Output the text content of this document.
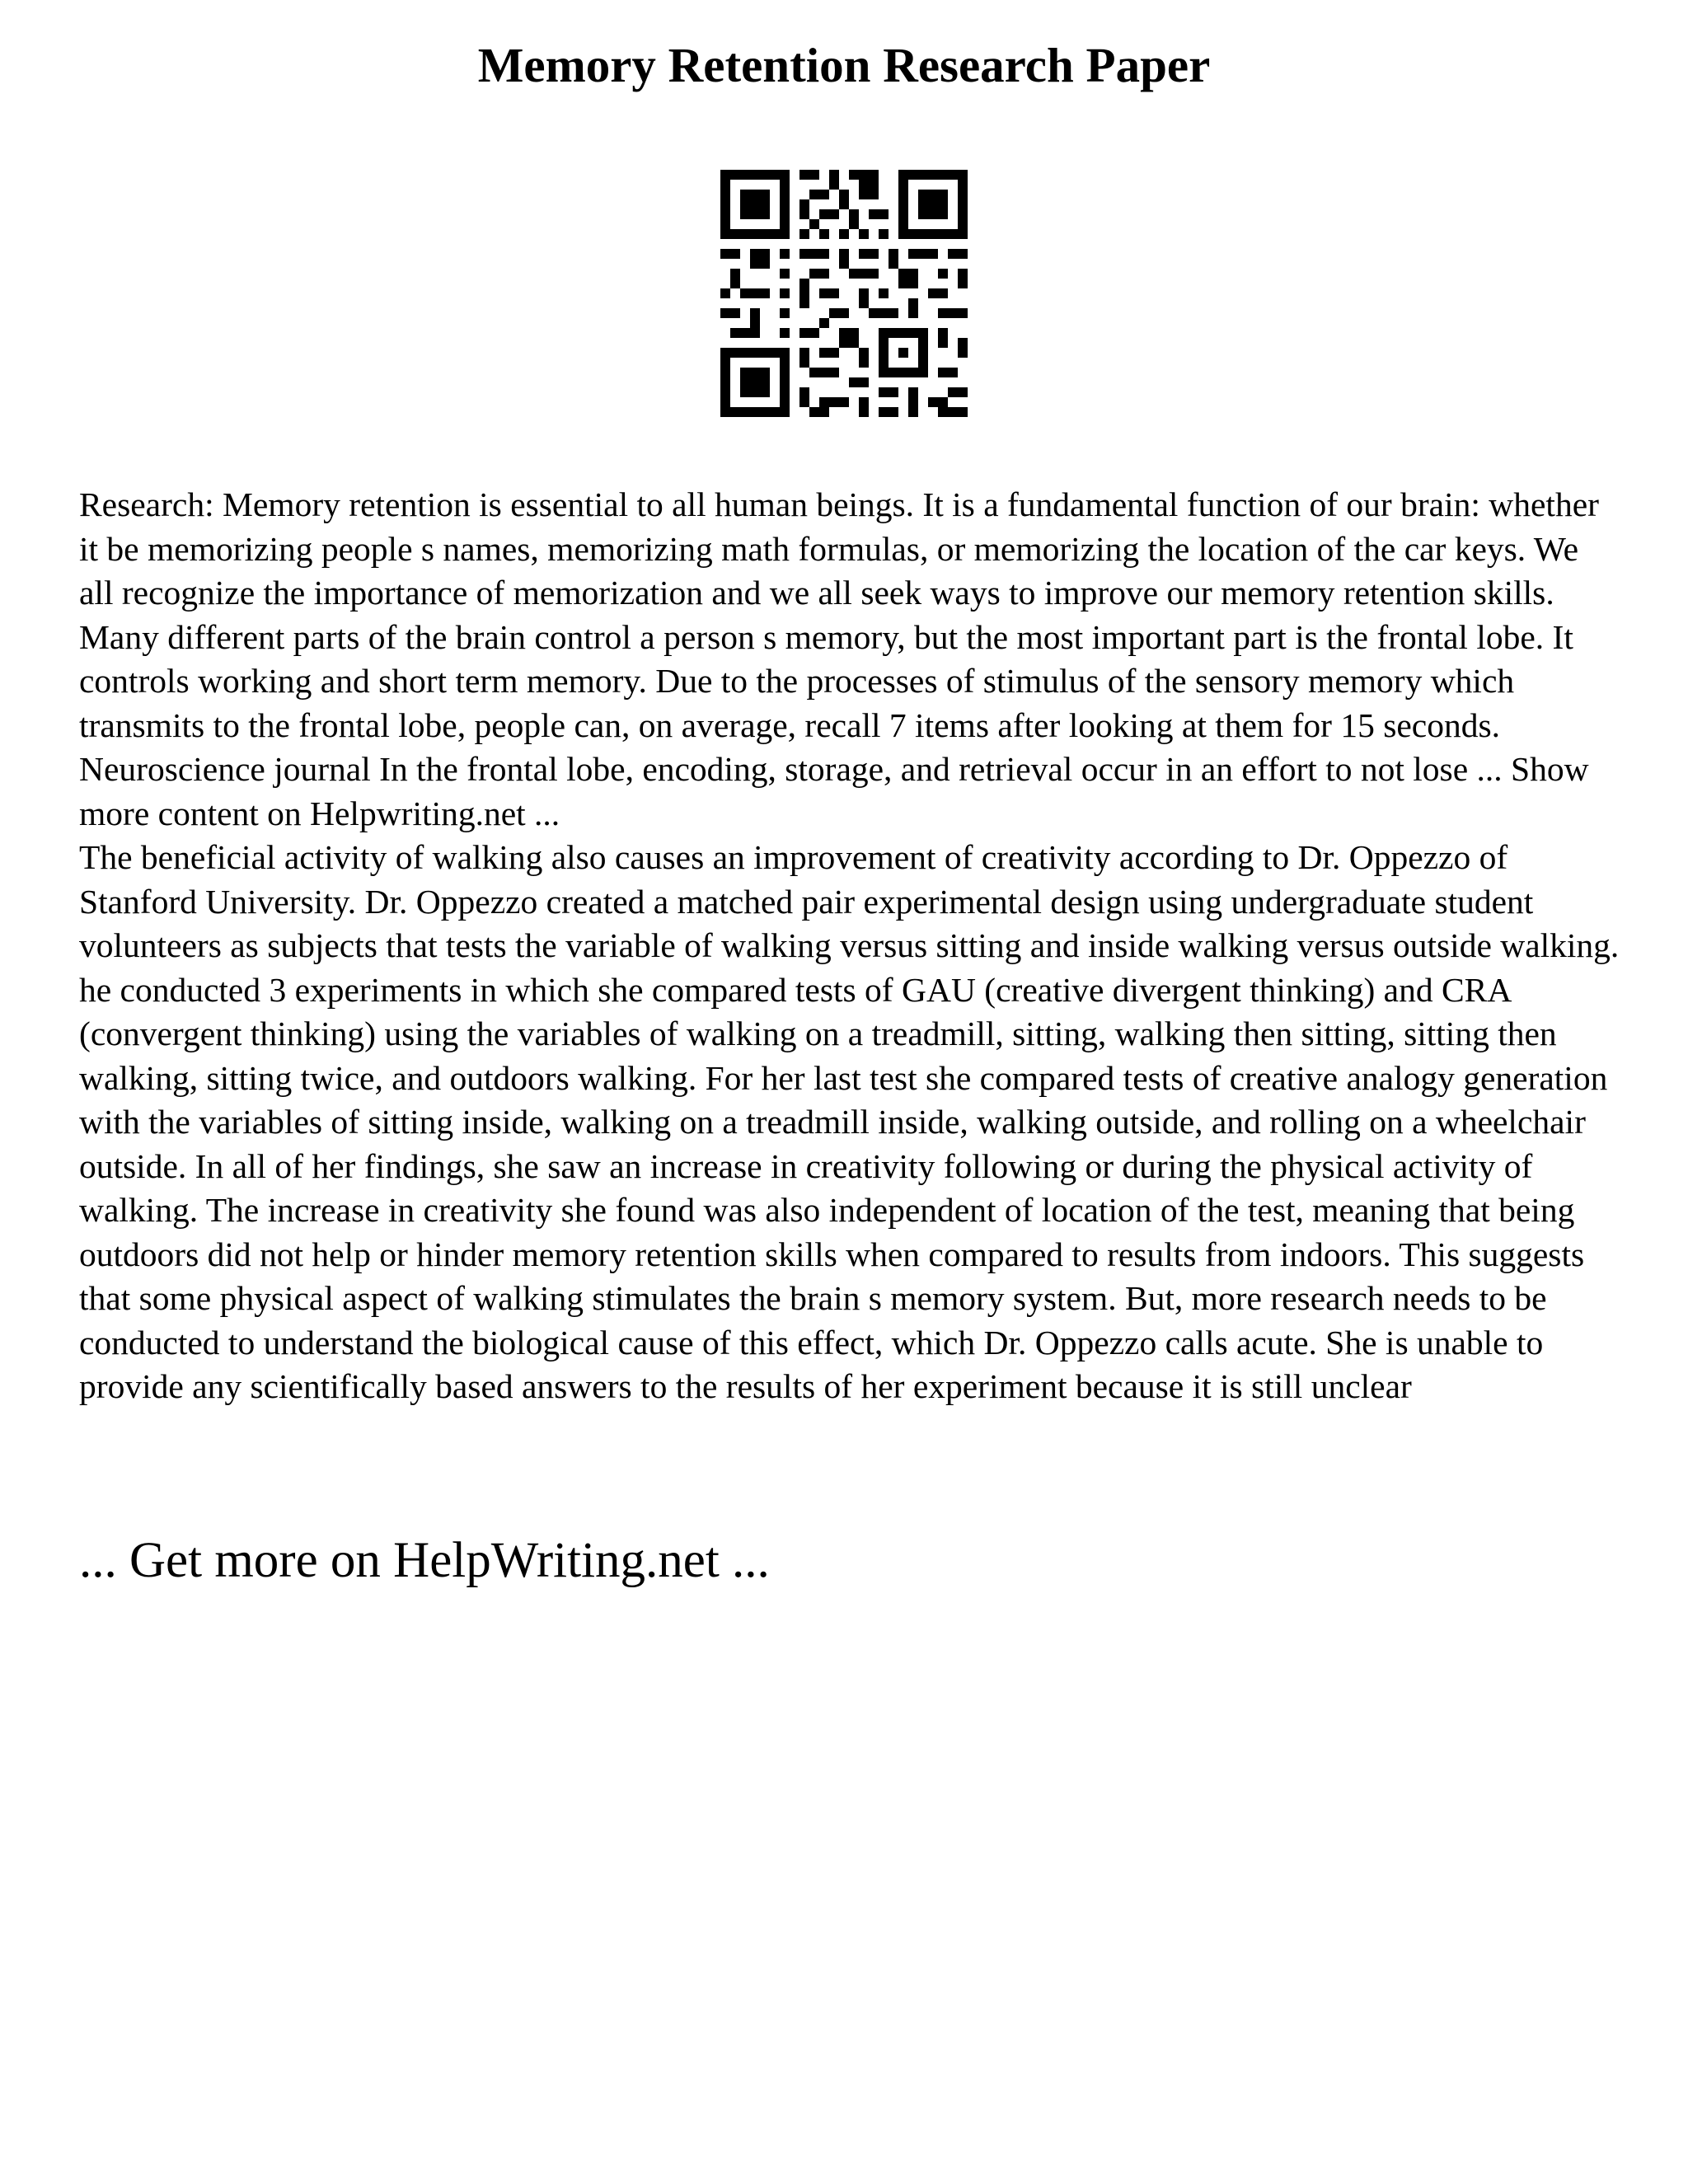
Memory Retention Research Paper

Research: Memory retention is essential to all human beings. It is a fundamental function of our brain: whether it be memorizing people s names, memorizing math formulas, or memorizing the location of the car keys. We all recognize the importance of memorization and we all seek ways to improve our memory retention skills. Many different parts of the brain control a person s memory, but the most important part is the frontal lobe. It controls working and short term memory. Due to the processes of stimulus of the sensory memory which transmits to the frontal lobe, people can, on average, recall 7 items after looking at them for 15 seconds. Neuroscience journal In the frontal lobe, encoding, storage, and retrieval occur in an effort to not lose ... Show more content on Helpwriting.net ...

The beneficial activity of walking also causes an improvement of creativity according to Dr. Oppezzo of Stanford University. Dr. Oppezzo created a matched pair experimental design using undergraduate student volunteers as subjects that tests the variable of walking versus sitting and inside walking versus outside walking. he conducted 3 experiments in which she compared tests of GAU (creative divergent thinking) and CRA (convergent thinking) using the variables of walking on a treadmill, sitting, walking then sitting, sitting then walking, sitting twice, and outdoors walking. For her last test she compared tests of creative analogy generation with the variables of sitting inside, walking on a treadmill inside, walking outside, and rolling on a wheelchair outside. In all of her findings, she saw an increase in creativity following or during the physical activity of walking. The increase in creativity she found was also independent of location of the test, meaning that being outdoors did not help or hinder memory retention skills when compared to results from indoors. This suggests that some physical aspect of walking stimulates the brain s memory system. But, more research needs to be conducted to understand the biological cause of this effect, which Dr. Oppezzo calls acute. She is unable to provide any scientifically based answers to the results of her experiment because it is still unclear

... Get more on HelpWriting.net ...
